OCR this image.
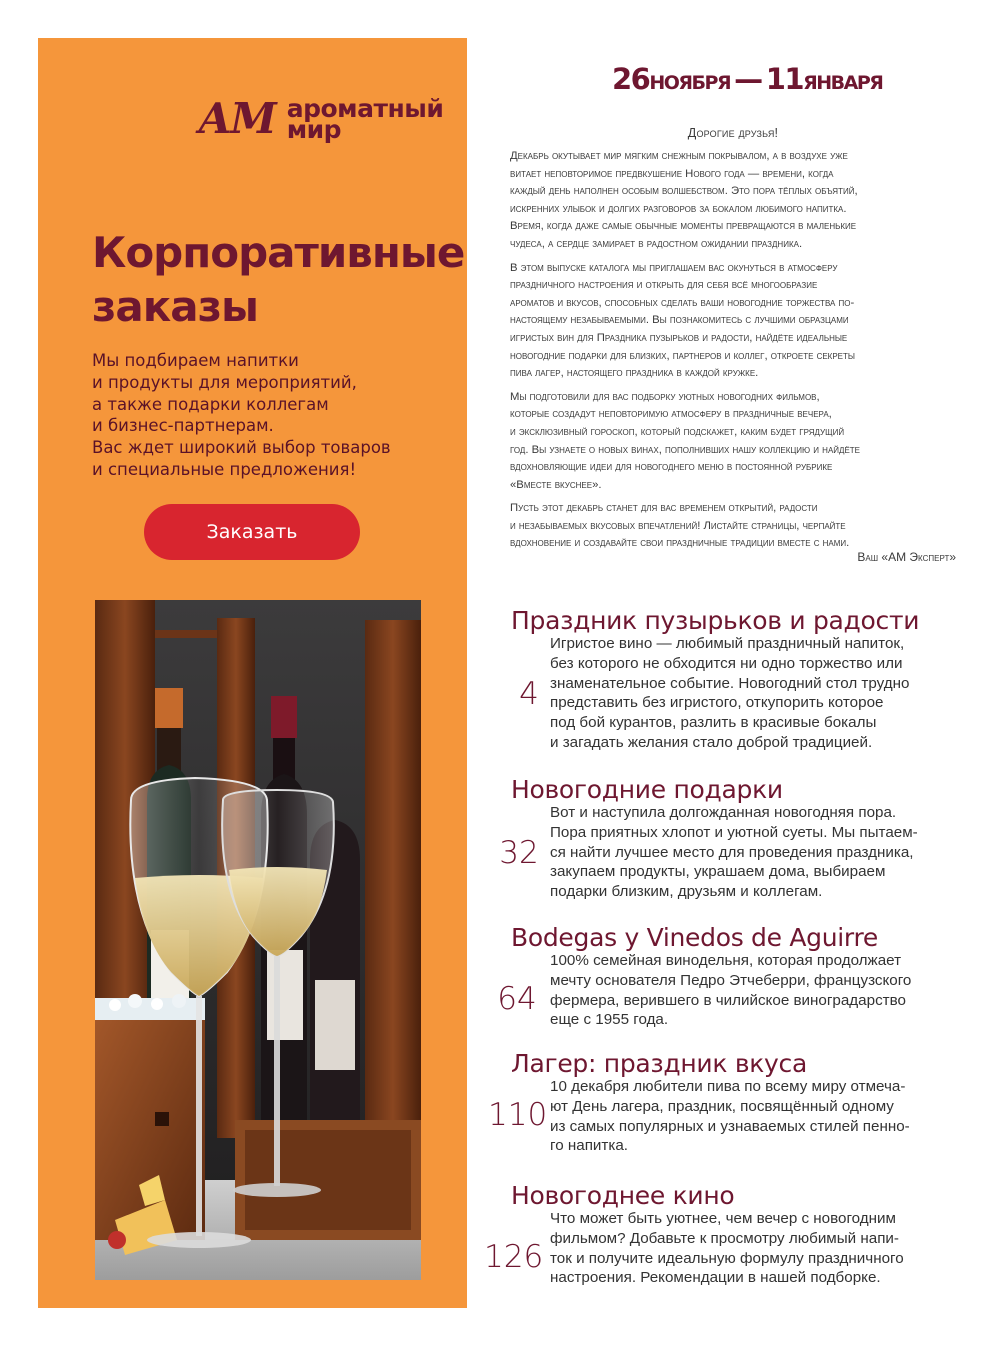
АМ ароматный
мир
Корпоративные
заказы
Мы подбираем напитки
и продукты для мероприятий,
а также подарки коллегам
и бизнес-партнерам.
Вас ждет широкий выбор товаров
и специальные предложения!
Заказать
26НОЯБРЯ — 11ЯНВАРЯ
Дорогие друзья!

Декабрь окутывает мир мягким снежным покрывалом, а в воздухе уже
витает неповторимое предвкушение Нового года — времени, когда
каждый день наполнен особым волшебством. Это пора тёплых объятий,
искренних улыбок и долгих разговоров за бокалом любимого напитка.
Время, когда даже самые обычные моменты превращаются в маленькие
чудеса, а сердце замирает в радостном ожидании праздника.

В этом выпуске каталога мы приглашаем вас окунуться в атмосферу
праздничного настроения и открыть для себя всё многообразие
ароматов и вкусов, способных сделать ваши новогодние торжества по-
настоящему незабываемыми. Вы познакомитесь с лучшими образцами
игристых вин для Праздника пузырьков и радости, найдёте идеальные
новогодние подарки для близких, партнеров и коллег, откроете секреты
пива лагер, настоящего праздника в каждой кружке.

Мы подготовили для вас подборку уютных новогодних фильмов,
которые создадут неповторимую атмосферу в праздничные вечера,
и эксклюзивный гороскоп, который подскажет, каким будет грядущий
год. Вы узнаете о новых винах, пополнивших нашу коллекцию и найдёте
вдохновляющие идеи для новогоднего меню в постоянной рубрике
«Вместе вкуснее».

Пусть этот декабрь станет для вас временем открытий, радости
и незабываемых вкусовых впечатлений! Листайте страницы, черпайте
вдохновение и создавайте свои праздничные традиции вместе с нами.

Ваш «АМ Эксперт»
Праздник пузырьков и радости
4
Игристое вино — любимый праздничный напиток,
без которого не обходится ни одно торжество или
знаменательное событие. Новогодний стол трудно
представить без игристого, откупорить которое
под бой курантов, разлить в красивые бокалы
и загадать желания стало доброй традицией.
Новогодние подарки
32
Вот и наступила долгожданная новогодняя пора.
Пора приятных хлопот и уютной суеты. Мы пытаем-
ся найти лучшее место для проведения праздника,
закупаем продукты, украшаем дома, выбираем
подарки близким, друзьям и коллегам.
Bodegas y Vinedos de Aguirre
64
100% семейная винодельня, которая продолжает
мечту основателя Педро Этчеберри, французского
фермера, верившего в чилийское виноградарство
еще с 1955 года.
Лагер: праздник вкуса
110
10 декабря любители пива по всему миру отмеча-
ют День лагера, праздник, посвящённый одному
из самых популярных и узнаваемых стилей пенно-
го напитка.
Новогоднее кино
126
Что может быть уютнее, чем вечер с новогодним
фильмом? Добавьте к просмотру любимый напи-
ток и получите идеальную формулу праздничного
настроения. Рекомендации в нашей подборке.
